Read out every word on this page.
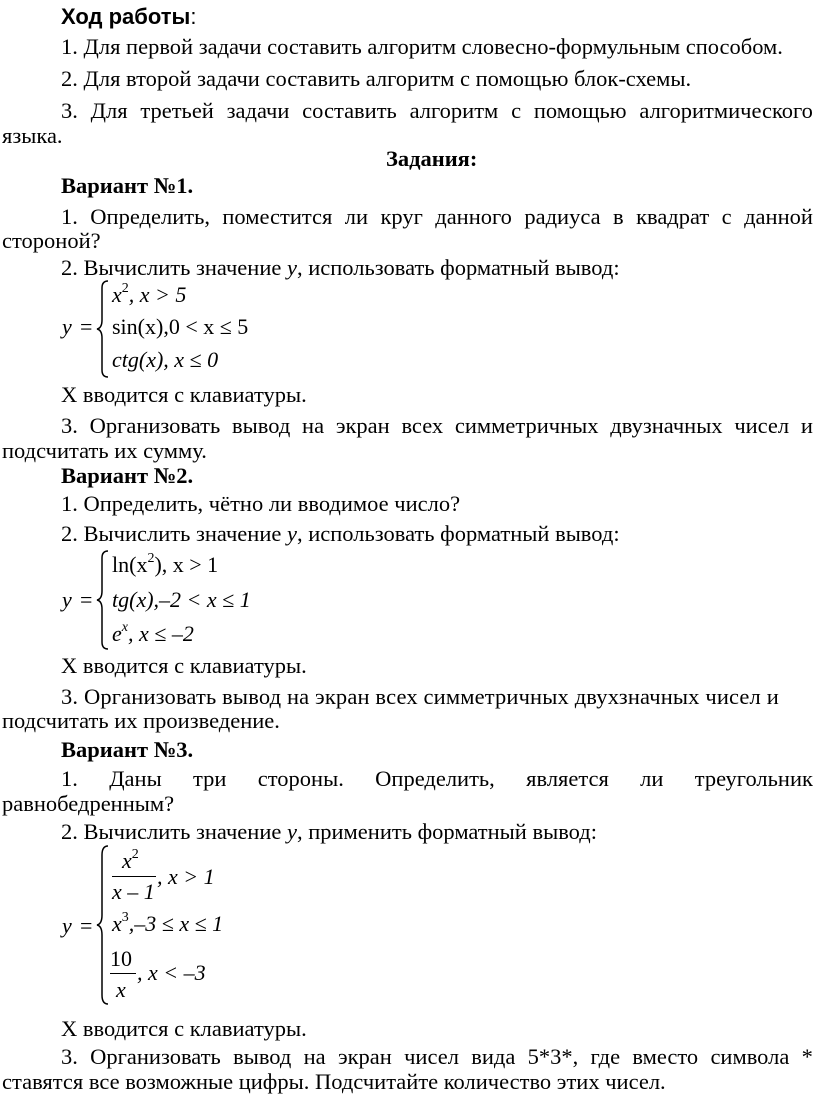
Ход работы:
1. Для первой задачи составить алгоритм словесно-формульным способом.
2. Для второй задачи составить алгоритм с помощью блок-схемы.
3. Для третьей задачи составить алгоритм с помощью алгоритмического
языка.
Задания:
Вариант №1.
1. Определить, поместится ли круг данного радиуса в квадрат с данной
стороной?
2. Вычислить значение y, использовать форматный вывод:
y =
$x^2$, x > 5
sin(x),0 < x ≤ 5
ctg(x), x ≤ 0
Х вводится с клавиатуры.
3. Организовать вывод на экран всех симметричных двузначных чисел и
подсчитать их сумму.
Вариант №2.
1. Определить, чётно ли вводимое число?
2. Вычислить значение y, использовать форматный вывод:
y =
$\ln(x^2)$, x > 1
tg(x),–2 < x ≤ 1
$e^x$, x ≤ –2
Х вводится с клавиатуры.
3. Организовать вывод на экран всех симметричных двухзначных чисел и
подсчитать их произведение.
Вариант №3.
1. Даны три стороны. Определить, является ли треугольник
равнобедренным?
2. Вычислить значение y, применить форматный вывод:
y =
$x^2$
x – 1
, x > 1
$x^3,-3 \le x \le 1$
10
x
, x < –3
Х вводится с клавиатуры.
3. Организовать вывод на экран чисел вида 5*3*, где вместо символа *
ставятся все возможные цифры. Подсчитайте количество этих чисел.
